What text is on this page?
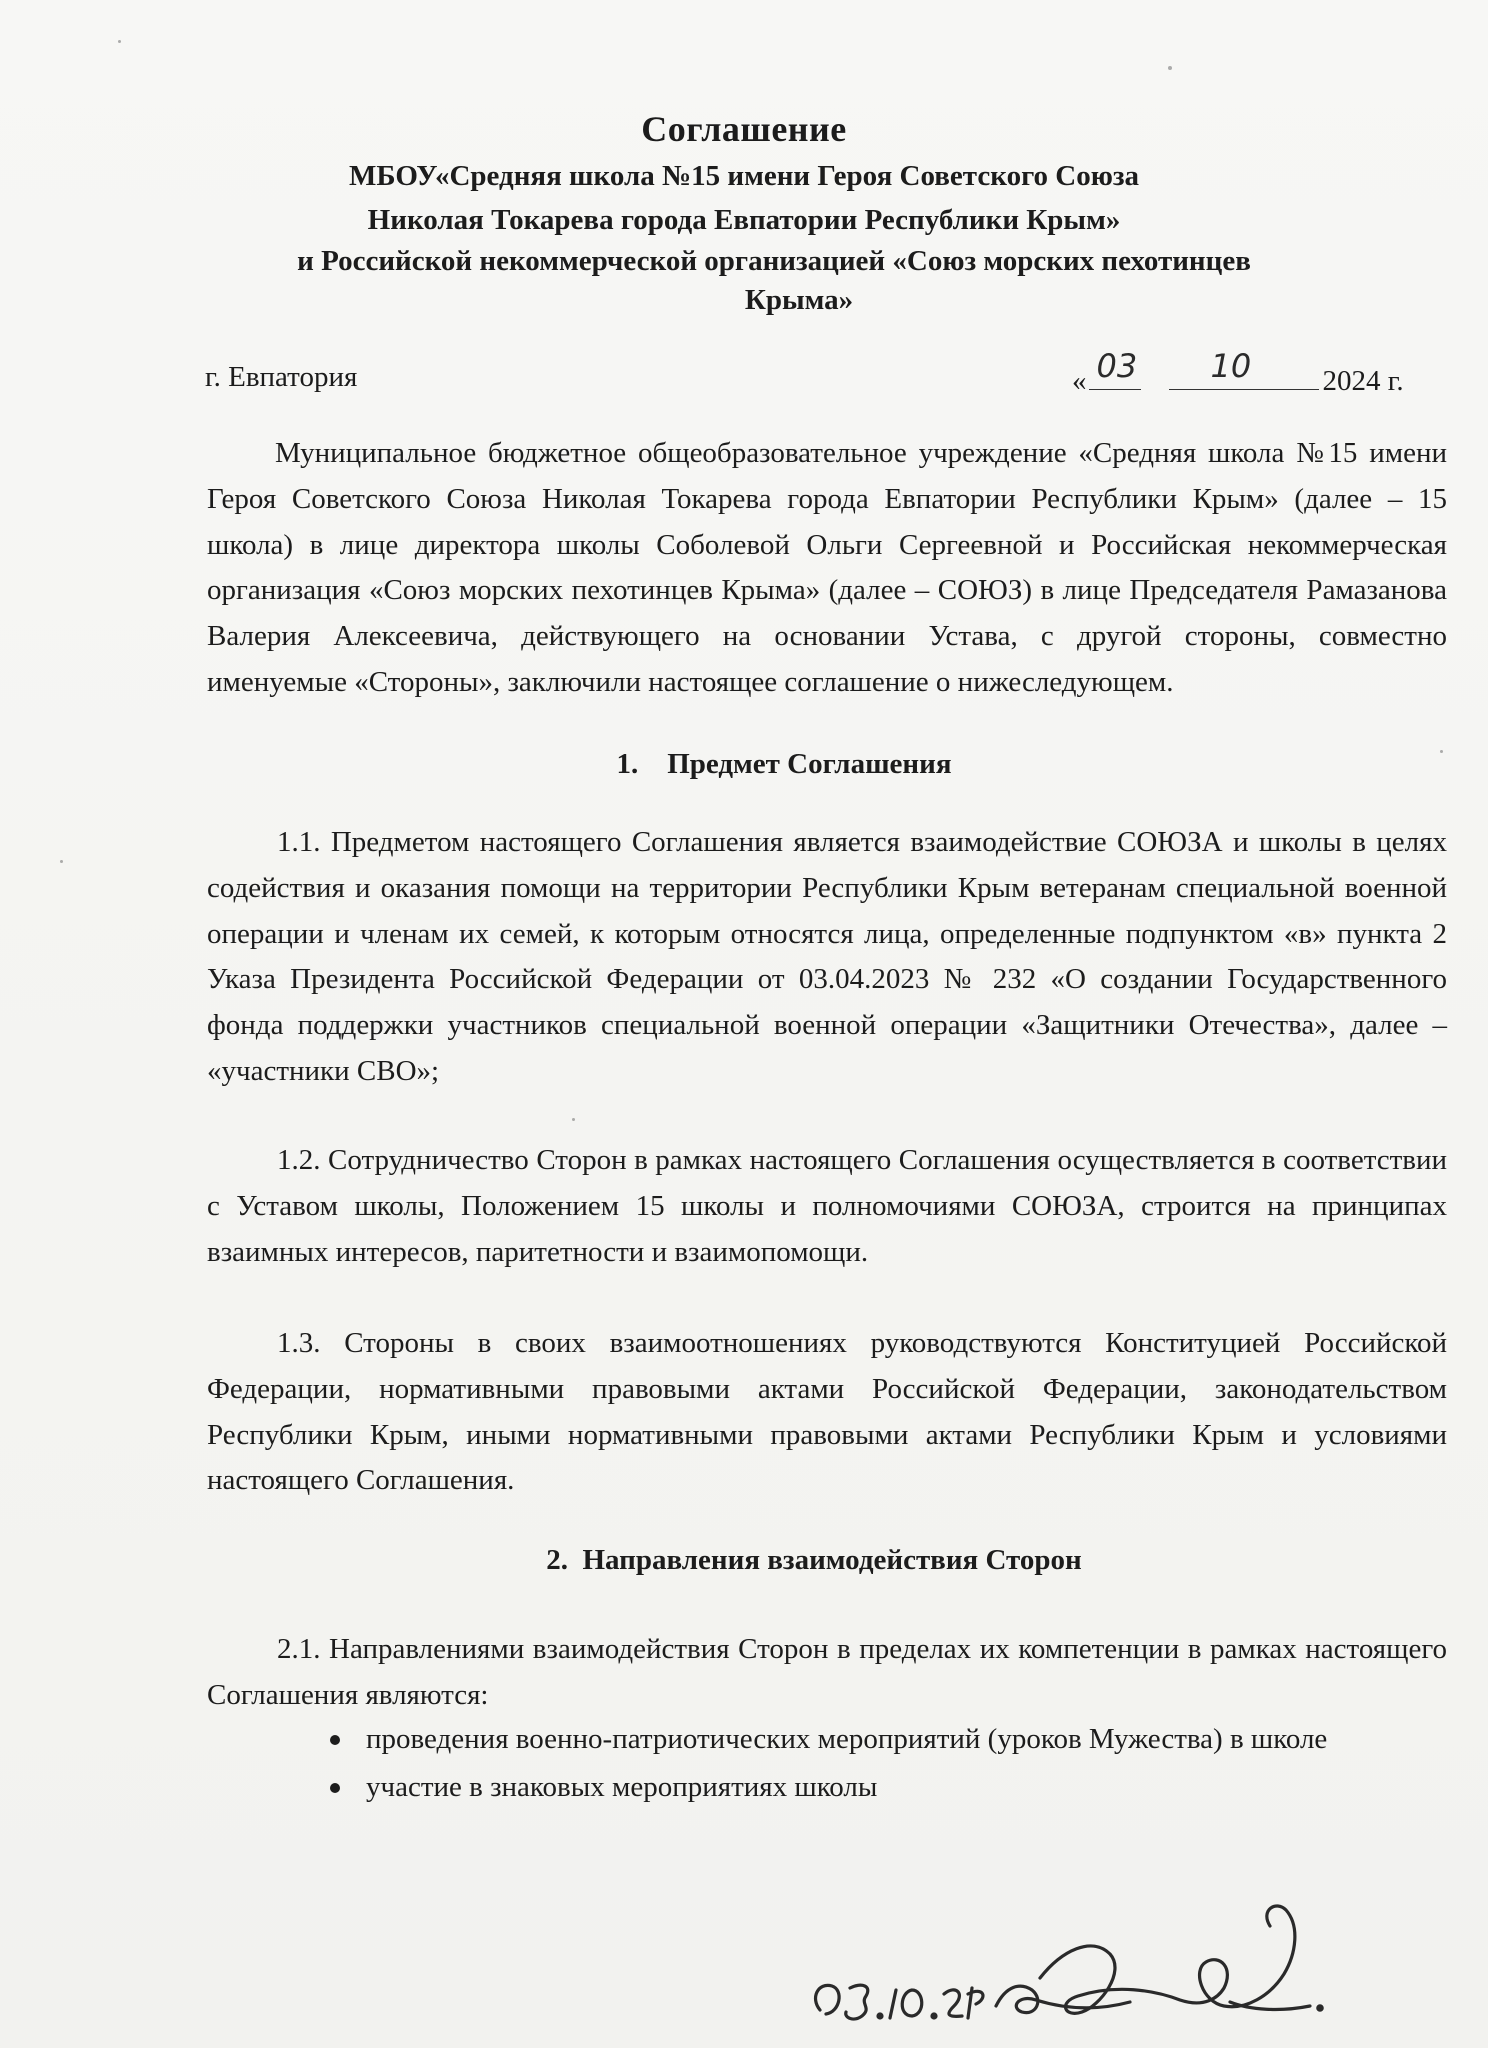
Соглашение
МБОУ«Средняя школа №15 имени Героя Советского Союза
Николая Токарева города Евпатории Республики Крым»
и Российской некоммерческой организацией «Союз морских пехотинцев
Крыма»
г. Евпатория	« 03 10 2024 г.

Муниципальное бюджетное общеобразовательное учреждение «Средняя школа №15 имени Героя Советского Союза Николая Токарева города Евпатории Республики Крым» (далее – 15 школа) в лице директора школы Соболевой Ольги Сергеевной и Российская некоммерческая организация «Союз морских пехотинцев Крыма» (далее – СОЮЗ) в лице Председателя Рамазанова Валерия Алексеевича, действующего на основании Устава, с другой стороны, совместно именуемые «Стороны», заключили настоящее соглашение о нижеследующем.

1.    Предмет Соглашения

1.1. Предметом настоящего Соглашения является взаимодействие СОЮЗА и школы в целях содействия и оказания помощи на территории Республики Крым ветеранам специальной военной операции и членам их семей, к которым относятся лица, определенные подпунктом «в» пункта 2 Указа Президента Российской Федерации от 03.04.2023 № 232 «О создании Государственного фонда поддержки участников специальной военной операции «Защитники Отечества», далее – «участники СВО»;

1.2. Сотрудничество Сторон в рамках настоящего Соглашения осуществляется в соответствии с Уставом школы, Положением 15 школы и полномочиями СОЮЗА, строится на принципах взаимных интересов, паритетности и взаимопомощи.

1.3. Стороны в своих взаимоотношениях руководствуются Конституцией Российской Федерации, нормативными правовыми актами Российской Федерации, законодательством Республики Крым, иными нормативными правовыми актами Республики Крым и условиями настоящего Соглашения.

2.  Направления взаимодействия Сторон

2.1. Направлениями взаимодействия Сторон в пределах их компетенции в рамках настоящего Соглашения являются:

проведения военно-патриотических мероприятий (уроков Мужества) в школе
участие в знаковых мероприятиях школы
